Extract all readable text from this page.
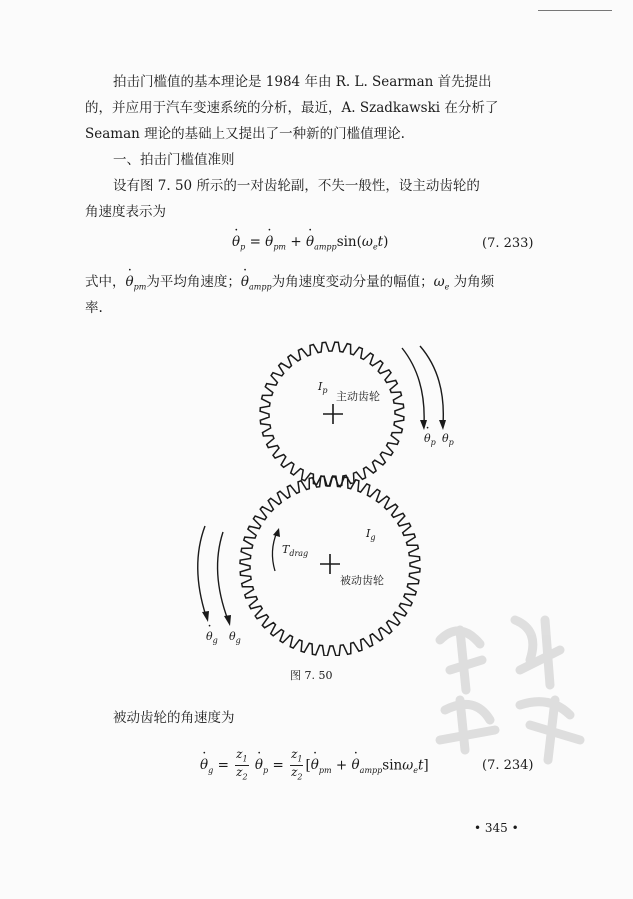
拍击门槛值的基本理论是 1984 年由 R. L. Searman 首先提出

的，并应用于汽车变速系统的分析，最近，A. Szadkawski 在分析了

Seaman 理论的基础上又提出了一种新的门槛值理论.

一、拍击门槛值准则

设有图 7. 50 所示的一对齿轮副，不失一般性，设主动齿轮的

角速度表示为

· $\theta_p$ = · $\theta_{pm}$ + · $\theta_{ampp}\sin(\omega_et)$	(7. 233)

式中，· $\theta_{pm}$为平均角速度；· $\theta_{ampp}$为角速度变动分量的幅值；$\omega_e$ 为角频

率.

$I_p$ 主动齿轮
$I_g$
被动齿轮
$T_{drag}$
· $\theta_p$ $\theta_p$
· $\theta_g$ $\theta_g$
图 7. 50

被动齿轮的角速度为

· $\theta_g = \frac{z_1}{z_2}$
· $\theta_p = \frac{z_1}{z_2}$ [· $\theta_{pm}$ + · $\theta_{ampp}\sin\omega_et$]	(7. 234)
• 345 •
